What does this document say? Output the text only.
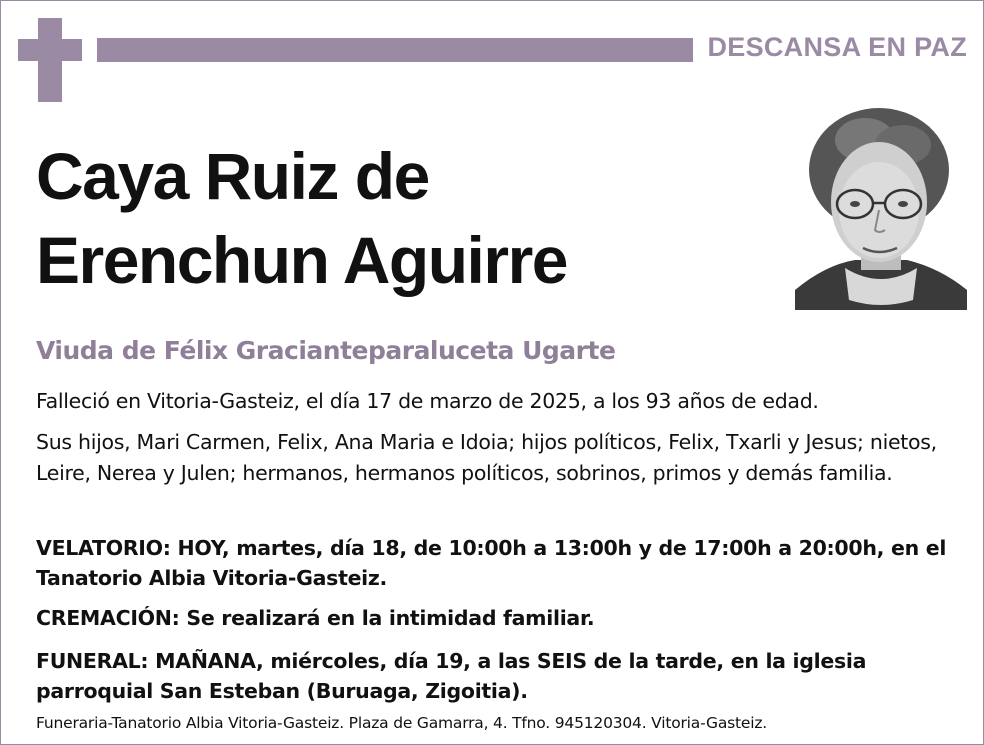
DESCANSA EN PAZ
Caya Ruiz de
Erenchun Aguirre
Viuda de Félix Gracianteparaluceta Ugarte
Falleció en Vitoria-Gasteiz, el día 17 de marzo de 2025, a los 93 años de edad.
Sus hijos, Mari Carmen, Felix, Ana Maria e Idoia; hijos políticos, Felix, Txarli y Jesus; nietos, Leire, Nerea y Julen; hermanos, hermanos políticos, sobrinos, primos y demás familia.
VELATORIO: HOY, martes, día 18, de 10:00h a 13:00h y de 17:00h a 20:00h, en el Tanatorio Albia Vitoria-Gasteiz.
CREMACIÓN: Se realizará en la intimidad familiar.
FUNERAL: MAÑANA, miércoles, día 19, a las SEIS de la tarde, en la iglesia parroquial San Esteban (Buruaga, Zigoitia).
Funeraria-Tanatorio Albia Vitoria-Gasteiz. Plaza de Gamarra, 4. Tfno. 945120304. Vitoria-Gasteiz.
